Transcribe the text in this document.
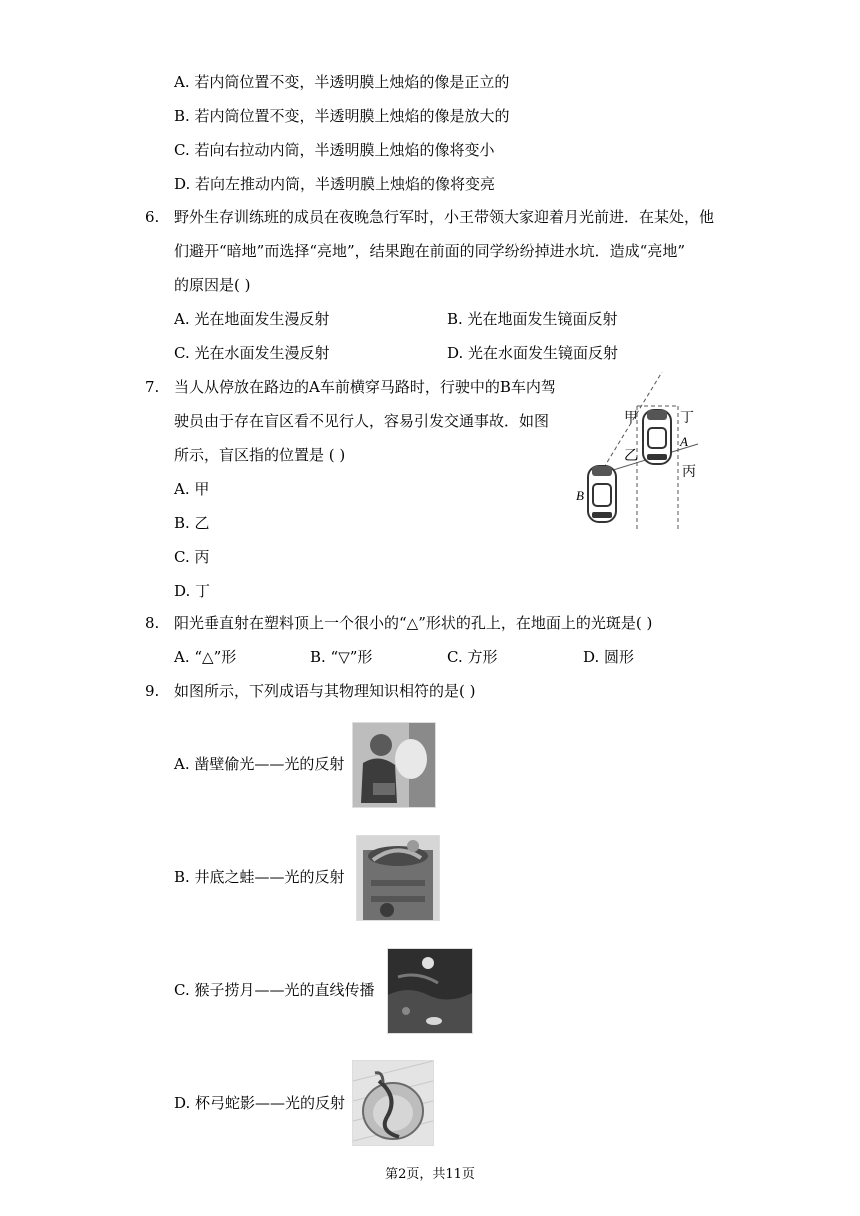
A. 若内筒位置不变，半透明膜上烛焰的像是正立的
B. 若内筒位置不变，半透明膜上烛焰的像是放大的
C. 若向右拉动内筒，半透明膜上烛焰的像将变小
D. 若向左推动内筒，半透明膜上烛焰的像将变亮
6. 野外生存训练班的成员在夜晚急行军时，小王带领大家迎着月光前进．在某处，他
们避开“暗地”而选择“亮地”，结果跑在前面的同学纷纷掉进水坑．造成“亮地”
的原因是( )
A. 光在地面发生漫反射	B. 光在地面发生镜面反射
C. 光在水面发生漫反射	D. 光在水面发生镜面反射
7. 当人从停放在路边的A车前横穿马路时，行驶中的B车内驾
驶员由于存在盲区看不见行人，容易引发交通事故．如图
所示，盲区指的位置是 ( )
A. 甲
B. 乙
C. 丙
D. 丁
甲	丁
A
乙
丙
B
8. 阳光垂直射在塑料顶上一个很小的“△”形状的孔上，在地面上的光斑是( )
A. “△”形	B. “▽”形	C. 方形	D. 圆形
9. 如图所示，下列成语与其物理知识相符的是( )
A. 凿壁偷光——光的反射
B. 井底之蛙——光的反射
C. 猴子捞月——光的直线传播
D. 杯弓蛇影——光的反射
第2页，共11页
